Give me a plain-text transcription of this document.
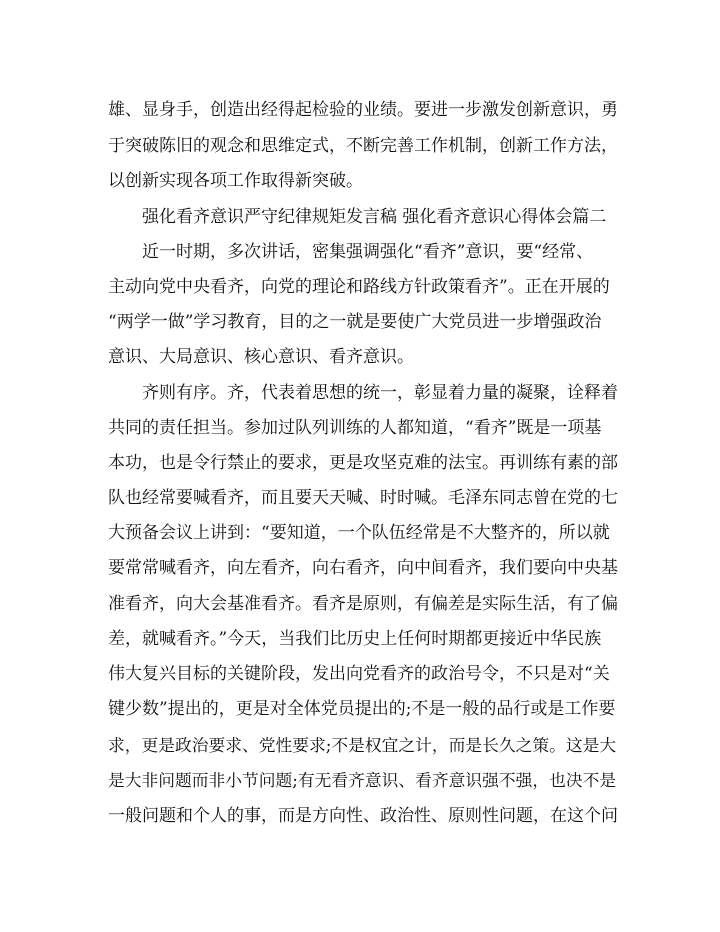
雄、显身手，创造出经得起检验的业绩。要进一步激发创新意识，勇
于突破陈旧的观念和思维定式，不断完善工作机制，创新工作方法，
以创新实现各项工作取得新突破。
　　强化看齐意识严守纪律规矩发言稿 强化看齐意识心得体会篇二
　　近一时期，多次讲话，密集强调强化“看齐”意识，要“经常、
主动向党中央看齐，向党的理论和路线方针政策看齐”。正在开展的
“两学一做”学习教育，目的之一就是要使广大党员进一步增强政治
意识、大局意识、核心意识、看齐意识。
　　齐则有序。齐，代表着思想的统一，彰显着力量的凝聚，诠释着
共同的责任担当。参加过队列训练的人都知道，“看齐”既是一项基
本功，也是令行禁止的要求，更是攻坚克难的法宝。再训练有素的部
队也经常要喊看齐，而且要天天喊、时时喊。毛泽东同志曾在党的七
大预备会议上讲到：“要知道，一个队伍经常是不大整齐的，所以就
要常常喊看齐，向左看齐，向右看齐，向中间看齐，我们要向中央基
准看齐，向大会基准看齐。看齐是原则，有偏差是实际生活，有了偏
差，就喊看齐。”今天，当我们比历史上任何时期都更接近中华民族
伟大复兴目标的关键阶段，发出向党看齐的政治号令，不只是对“关
键少数”提出的，更是对全体党员提出的;不是一般的品行或是工作要
求，更是政治要求、党性要求;不是权宜之计，而是长久之策。这是大
是大非问题而非小节问题;有无看齐意识、看齐意识强不强，也决不是
一般问题和个人的事，而是方向性、政治性、原则性问题，在这个问
